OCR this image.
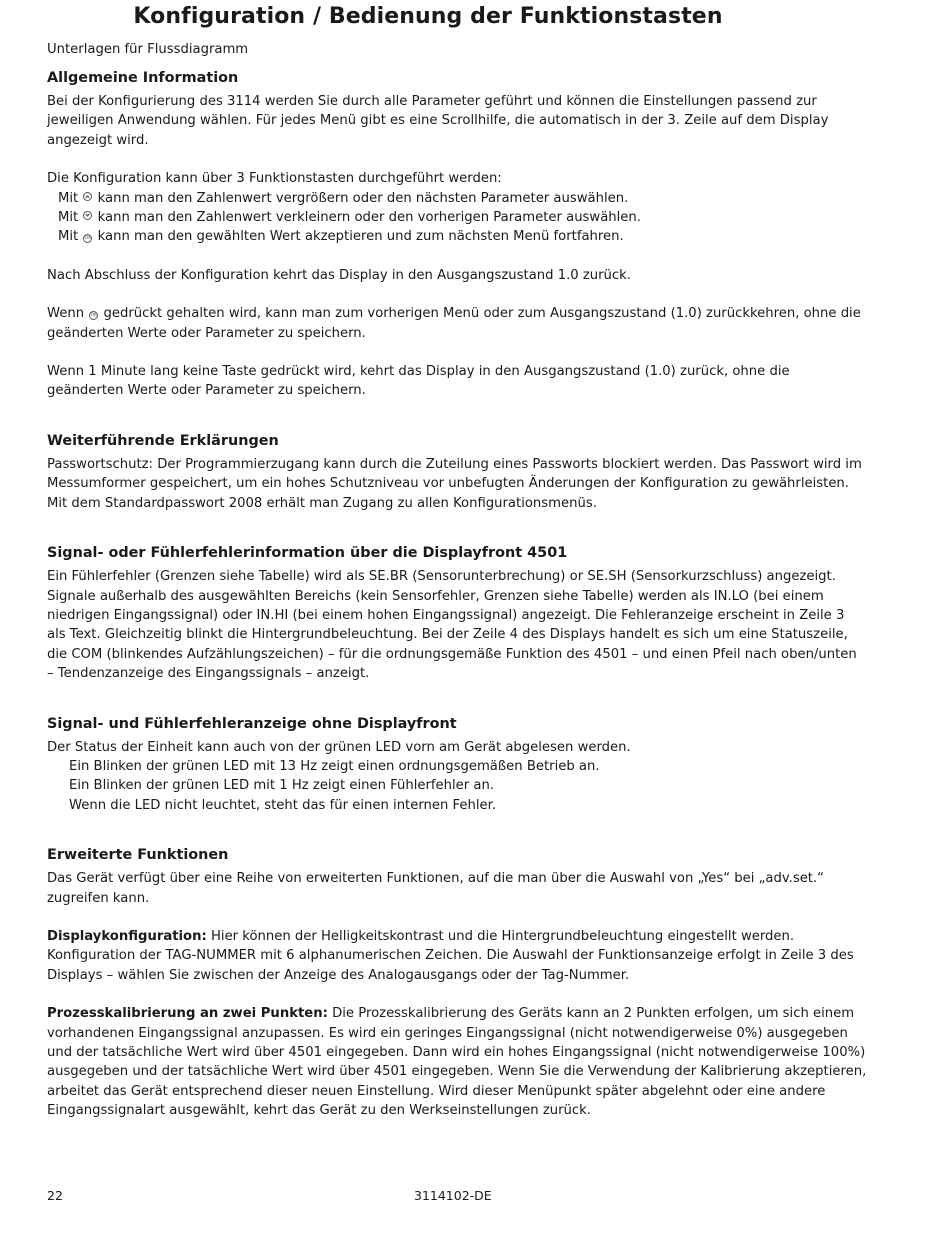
Konfiguration / Bedienung der Funktionstasten
Unterlagen für Flussdiagramm
Allgemeine Information

Bei der Konfigurierung des 3114 werden Sie durch alle Parameter geführt und können die Einstellungen passend zur jeweiligen Anwendung wählen. Für jedes Menü gibt es eine Scrollhilfe, die automatisch in der 3. Zeile auf dem Display angezeigt wird.

Die Konfiguration kann über 3 Funktionstasten durchgeführt werden:

Mit kann man den Zahlenwert vergrößern oder den nächsten Parameter auswählen.

Mit kann man den Zahlenwert verkleinern oder den vorherigen Parameter auswählen.

Mit OK kann man den gewählten Wert akzeptieren und zum nächsten Menü fortfahren.

Nach Abschluss der Konfiguration kehrt das Display in den Ausgangszustand 1.0 zurück.

Wenn OK gedrückt gehalten wird, kann man zum vorherigen Menü oder zum Ausgangszustand (1.0) zurückkehren, ohne die geänderten Werte oder Parameter zu speichern.

Wenn 1 Minute lang keine Taste gedrückt wird, kehrt das Display in den Ausgangszustand (1.0) zurück, ohne die geänderten Werte oder Parameter zu speichern.

Weiterführende Erklärungen

Passwortschutz: Der Programmierzugang kann durch die Zuteilung eines Passworts blockiert werden. Das Passwort wird im Messumformer gespeichert, um ein hohes Schutzniveau vor unbefugten Änderungen der Konfiguration zu gewährleisten.

Mit dem Standardpasswort 2008 erhält man Zugang zu allen Konfigurationsmenüs.

Signal- oder Fühlerfehlerinformation über die Displayfront 4501

Ein Fühlerfehler (Grenzen siehe Tabelle) wird als SE.BR (Sensorunterbrechung) or SE.SH (Sensorkurzschluss) angezeigt.

Signale außerhalb des ausgewählten Bereichs (kein Sensorfehler, Grenzen siehe Tabelle) werden als IN.LO (bei einem niedrigen Eingangssignal) oder IN.HI (bei einem hohen Eingangssignal) angezeigt. Die Fehleranzeige erscheint in Zeile 3 als Text. Gleichzeitig blinkt die Hintergrundbeleuchtung. Bei der Zeile 4 des Displays handelt es sich um eine Statuszeile, die COM (blinkendes Aufzählungszeichen) – für die ordnungsgemäße Funktion des 4501 – und einen Pfeil nach oben/unten – Tendenzanzeige des Eingangssignals – anzeigt.

Signal- und Fühlerfehleranzeige ohne Displayfront

Der Status der Einheit kann auch von der grünen LED vorn am Gerät abgelesen werden.

Ein Blinken der grünen LED mit 13 Hz zeigt einen ordnungsgemäßen Betrieb an.

Ein Blinken der grünen LED mit 1 Hz zeigt einen Fühlerfehler an.

Wenn die LED nicht leuchtet, steht das für einen internen Fehler.

Erweiterte Funktionen

Das Gerät verfügt über eine Reihe von erweiterten Funktionen, auf die man über die Auswahl von „Yes“ bei „adv.set.“ zugreifen kann.

Displaykonfiguration: Hier können der Helligkeitskontrast und die Hintergrundbeleuchtung eingestellt werden. Konfiguration der TAG-NUMMER mit 6 alphanumerischen Zeichen. Die Auswahl der Funktionsanzeige erfolgt in Zeile 3 des Displays – wählen Sie zwischen der Anzeige des Analogausgangs oder der Tag-Nummer.

Prozesskalibrierung an zwei Punkten: Die Prozesskalibrierung des Geräts kann an 2 Punkten erfolgen, um sich einem vorhandenen Eingangssignal anzupassen. Es wird ein geringes Eingangssignal (nicht notwendigerweise 0%) ausgegeben und der tatsächliche Wert wird über 4501 eingegeben. Dann wird ein hohes Eingangssignal (nicht notwendigerweise 100%) ausgegeben und der tatsächliche Wert wird über 4501 eingegeben. Wenn Sie die Verwendung der Kalibrierung akzeptieren, arbeitet das Gerät entsprechend dieser neuen Einstellung. Wird dieser Menüpunkt später abgelehnt oder eine andere Eingangssignalart ausgewählt, kehrt das Gerät zu den Werkseinstellungen zurück.

22	3114102-DE
